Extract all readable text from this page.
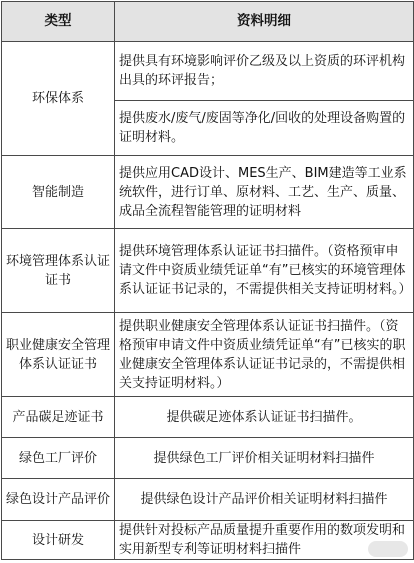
类型	资料明细
环保体系	提供具有环境影响评价乙级及以上资质的环评机构出具的环评报告；
	提供废水/废气/废固等净化/回收的处理设备购置的证明材料。
智能制造	提供应用CAD设计、MES生产、BIM建造等工业系统软件，进行订单、原材料、工艺、生产、质量、成品全流程智能管理的证明材料
环境管理体系认证证书	提供环境管理体系认证证书扫描件。（资格预审申请文件中资质业绩凭证单“有”已核实的环境管理体系认证证书记录的，不需提供相关支持证明材料。）
职业健康安全管理体系认证证书	提供职业健康安全管理体系认证证书扫描件。（资格预审申请文件中资质业绩凭证单“有”已核实的职业健康安全管理体系认证证书记录的，不需提供相关支持证明材料。）
产品碳足迹证书	提供碳足迹体系认证证书扫描件。
绿色工厂评价	提供绿色工厂评价相关证明材料扫描件
绿色设计产品评价	提供绿色设计产品评价相关证明材料扫描件
设计研发	提供针对投标产品质量提升重要作用的数项发明和实用新型专利等证明材料扫描件
